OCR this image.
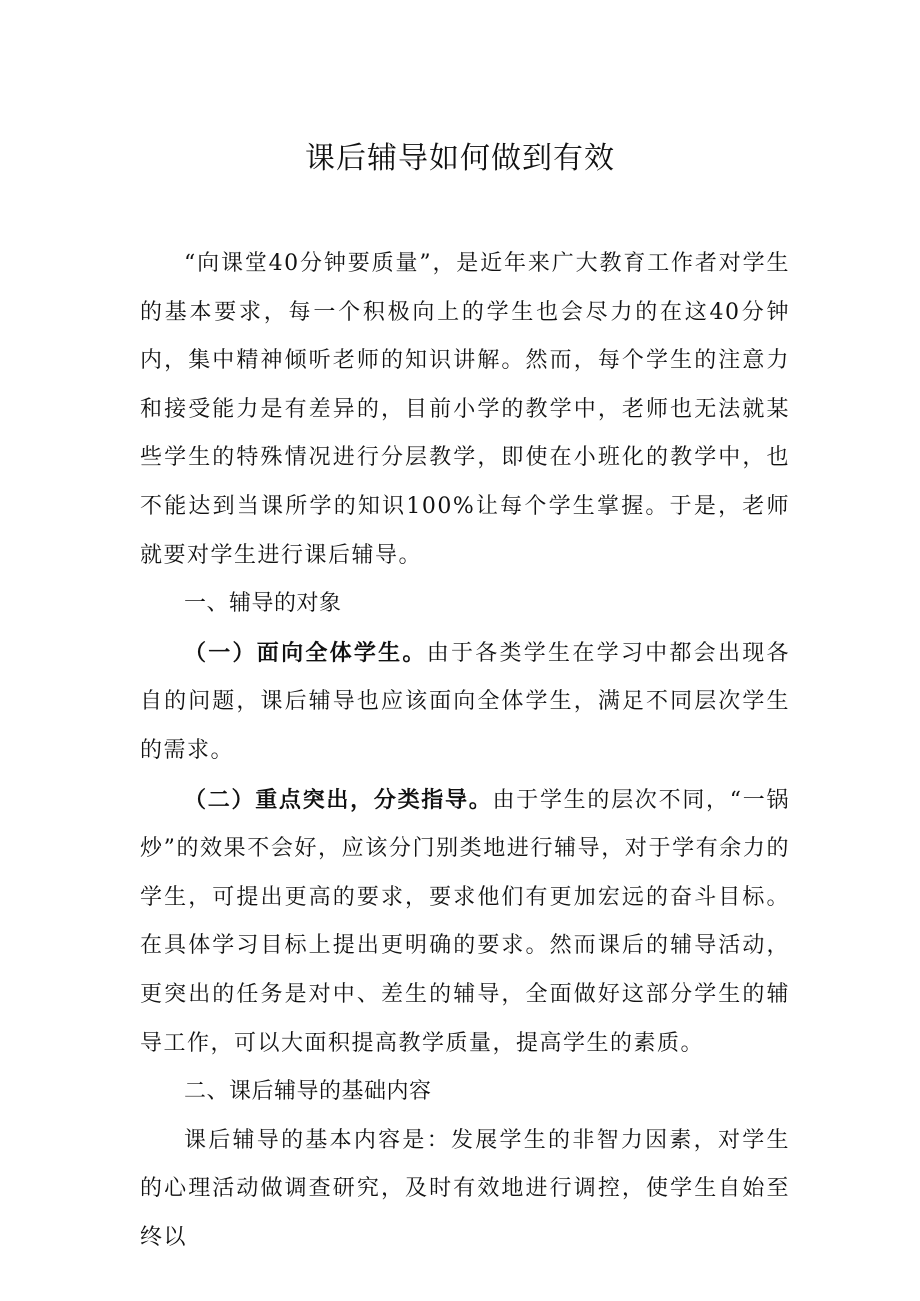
课后辅导如何做到有效

“向课堂40分钟要质量”，是近年来广大教育工作者对学生的基本要求，每一个积极向上的学生也会尽力的在这40分钟内，集中精神倾听老师的知识讲解。然而，每个学生的注意力和接受能力是有差异的，目前小学的教学中，老师也无法就某些学生的特殊情况进行分层教学，即使在小班化的教学中，也不能达到当课所学的知识100%让每个学生掌握。于是，老师就要对学生进行课后辅导。

一、辅导的对象

（一）面向全体学生。由于各类学生在学习中都会出现各自的问题，课后辅导也应该面向全体学生，满足不同层次学生的需求。

（二）重点突出，分类指导。由于学生的层次不同，“一锅炒”的效果不会好，应该分门别类地进行辅导，对于学有余力的学生，可提出更高的要求，要求他们有更加宏远的奋斗目标。在具体学习目标上提出更明确的要求。然而课后的辅导活动，更突出的任务是对中、差生的辅导，全面做好这部分学生的辅导工作，可以大面积提高教学质量，提高学生的素质。

二、课后辅导的基础内容

课后辅导的基本内容是：发展学生的非智力因素，对学生的心理活动做调查研究，及时有效地进行调控，使学生自始至终以
